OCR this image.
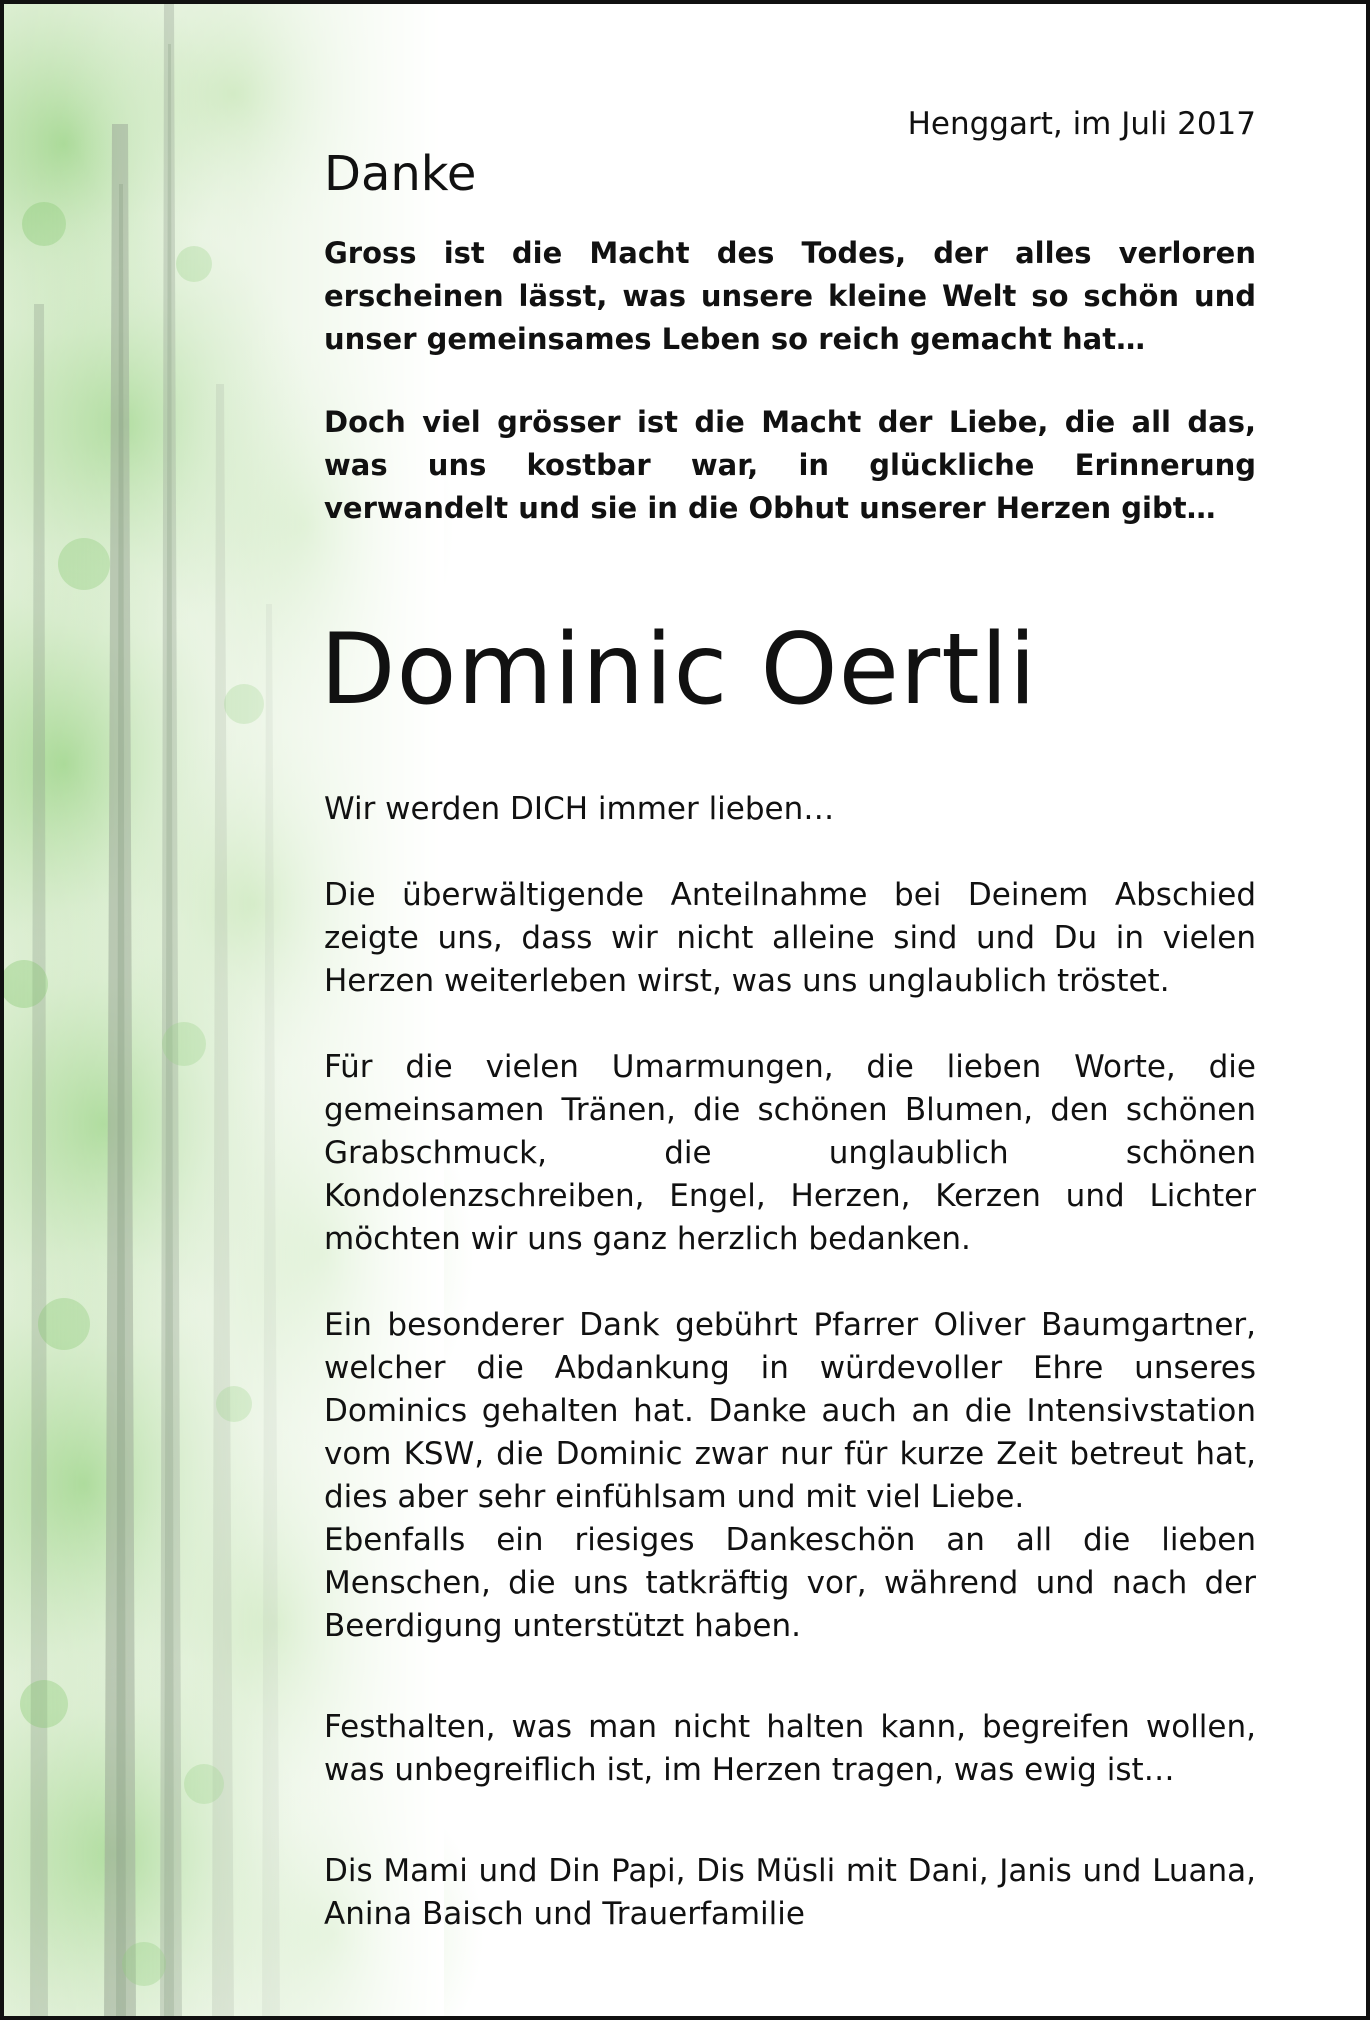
Henggart, im Juli 2017

Danke

Gross ist die Macht des Todes, der alles verloren erscheinen lässt, was unsere kleine Welt so schön und unser gemeinsames Leben so reich gemacht hat…

Doch viel grösser ist die Macht der Liebe, die all das, was uns kostbar war, in glückliche Erinnerung verwandelt und sie in die Obhut unserer Herzen gibt…

Dominic Oertli

Wir werden DICH immer lieben…

Die überwältigende Anteilnahme bei Deinem Abschied zeigte uns, dass wir nicht alleine sind und Du in vielen Herzen weiterleben wirst, was uns unglaublich tröstet.

Für die vielen Umarmungen, die lieben Worte, die gemeinsamen Tränen, die schönen Blumen, den schönen Grabschmuck, die unglaublich schönen Kondolenzschreiben, Engel, Herzen, Kerzen und Lichter möchten wir uns ganz herzlich bedanken.

Ein besonderer Dank gebührt Pfarrer Oliver Baumgartner, welcher die Abdankung in würdevoller Ehre unseres Dominics gehalten hat. Danke auch an die Intensivstation vom KSW, die Dominic zwar nur für kurze Zeit betreut hat, dies aber sehr einfühlsam und mit viel Liebe.

Ebenfalls ein riesiges Dankeschön an all die lieben Menschen, die uns tatkräftig vor, während und nach der Beerdigung unterstützt haben.

Festhalten, was man nicht halten kann, begreifen wollen, was unbegreiflich ist, im Herzen tragen, was ewig ist…

Dis Mami und Din Papi, Dis Müsli mit Dani, Janis und Luana, Anina Baisch und Trauerfamilie
